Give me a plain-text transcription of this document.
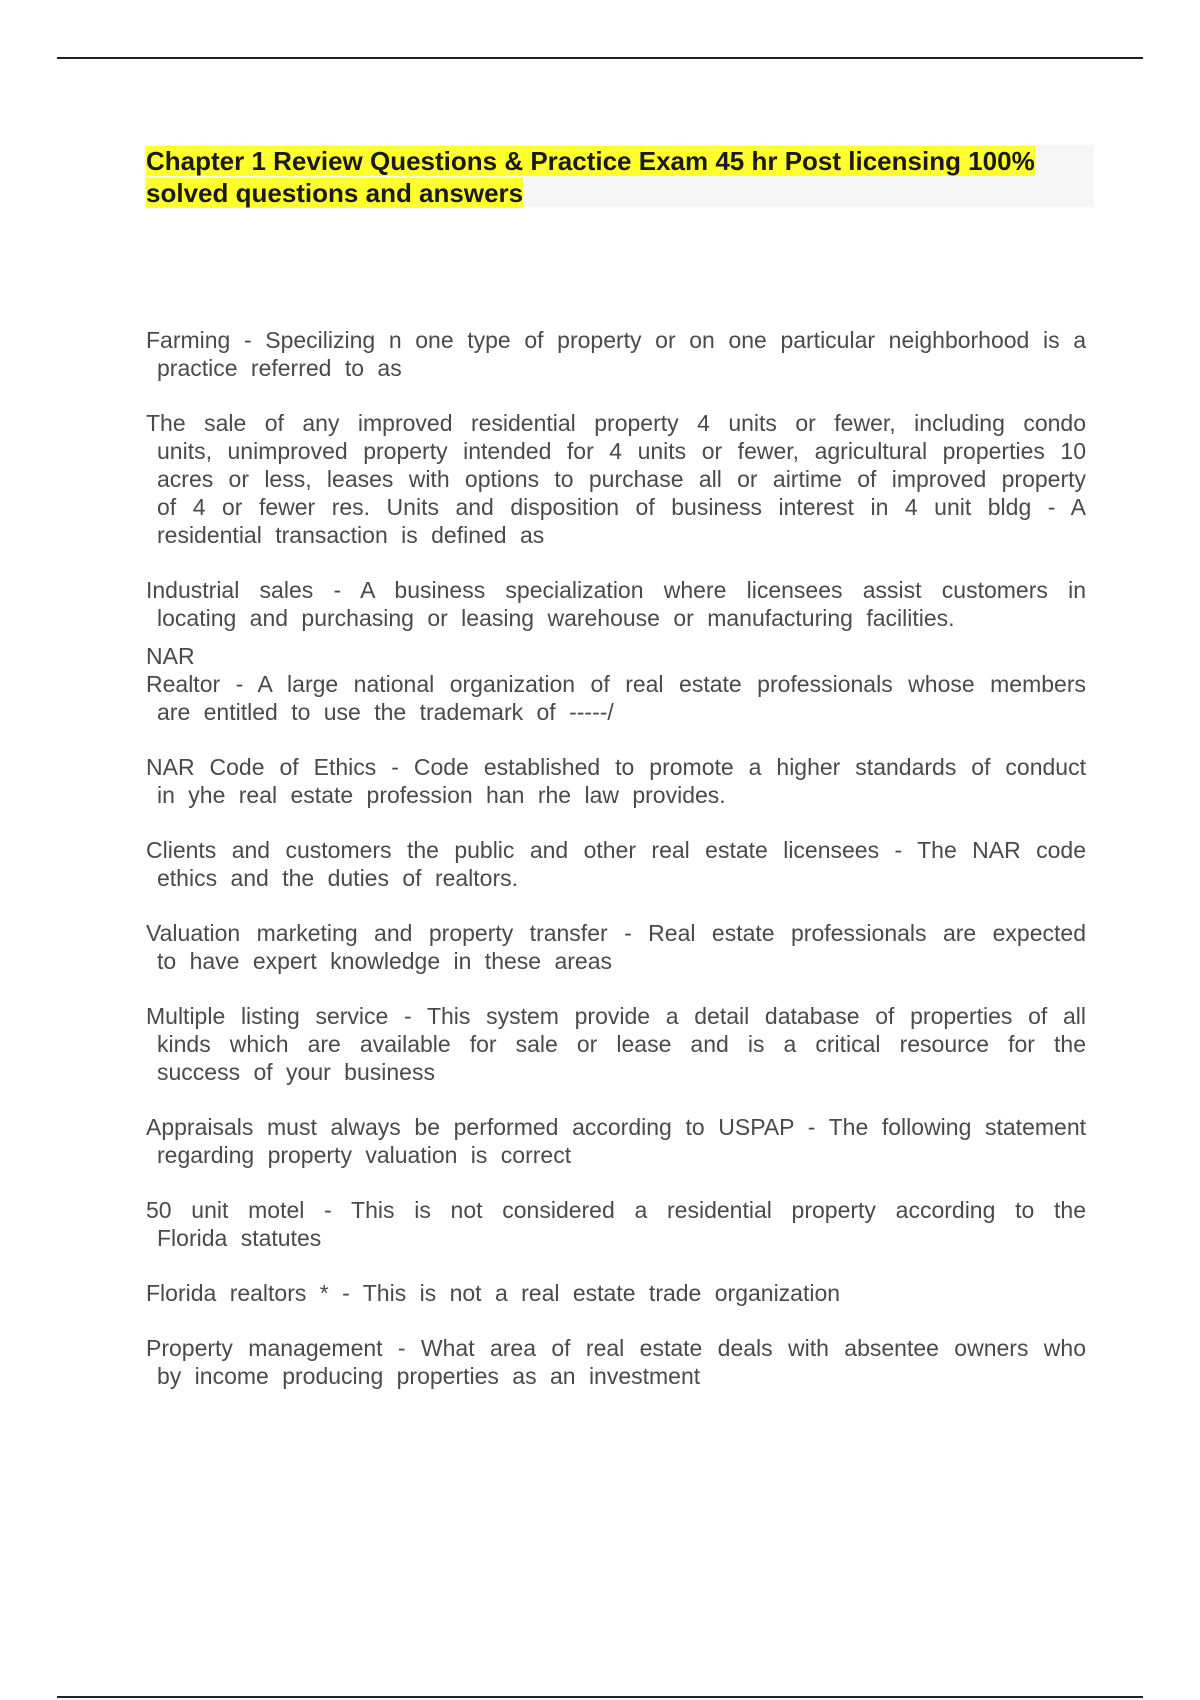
Chapter 1 Review Questions & Practice Exam 45 hr Post licensing 100% solved questions and answers

Farming - Specilizing n one type of property or on one particular neighborhood is a practice referred to as

The sale of any improved residential property 4 units or fewer, including condo units, unimproved property intended for 4 units or fewer, agricultural properties 10 acres or less, leases with options to purchase all or airtime of improved property of 4 or fewer res. Units and disposition of business interest in 4 unit bldg - A residential transaction is defined as

Industrial sales - A business specialization where licensees assist customers in locating and purchasing or leasing warehouse or manufacturing facilities.

NAR

Realtor - A large national organization of real estate professionals whose members are entitled to use the trademark of -----/

NAR Code of Ethics - Code established to promote a higher standards of conduct in yhe real estate profession han rhe law provides.

Clients and customers the public and other real estate licensees - The NAR code ethics and the duties of realtors.

Valuation marketing and property transfer - Real estate professionals are expected to have expert knowledge in these areas

Multiple listing service - This system provide a detail database of properties of all kinds which are available for sale or lease and is a critical resource for the success of your business

Appraisals must always be performed according to USPAP - The following statement regarding property valuation is correct

50 unit motel - This is not considered a residential property according to the Florida statutes

Florida realtors * - This is not a real estate trade organization

Property management - What area of real estate deals with absentee owners who by income producing properties as an investment
